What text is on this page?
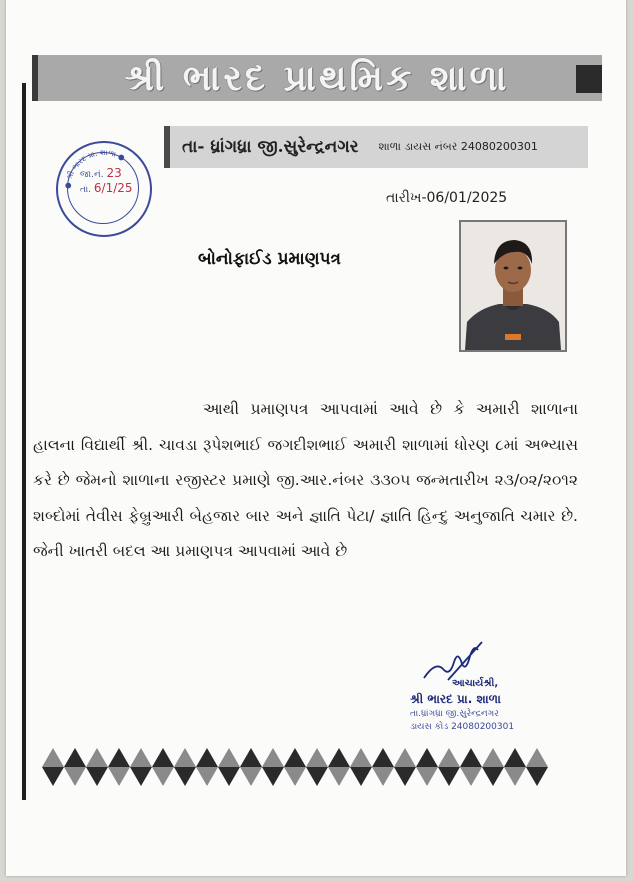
શ્રી ભારદ પ્રાથમિક શાળા
તા- ધ્રાંગધ્રા જી.સુરેન્દ્રનગર શાળા ડાયસ નંબર 24080200301
● શ્રી ભારદ પ્રા. શાળા ●
જા.નં. 23
તા. 6/1/25
તારીખ-06/01/2025
બોનોફાઈડ પ્રમાણપત્ર
આથી પ્રમાણપત્ર આપવામાં આવે છે કે અમારી શાળાના હાલના વિદ્યાર્થી શ્રી. ચાવડા રૂપેશભાઈ જગદીશભાઈ અમારી શાળામાં ધોરણ ૮માં અભ્યાસ કરે છે જેમનો શાળાના રજીસ્ટર પ્રમાણે જી.આર.નંબર ૩૩૦૫ જન્મતારીખ ૨૩/૦૨/૨૦૧૨ શબ્દોમાં તેવીસ ફેબ્રુઆરી બેહજાર બાર અને જ્ઞાતિ પેટા/ જ્ઞાતિ હિન્દુ અનુજાતિ ચમાર છે. જેની ખાતરી બદલ આ પ્રમાણપત્ર આપવામાં આવે છે
આચાર્યશ્રી,
શ્રી ભારદ પ્રા. શાળા
તા.ધ્રાંગધ્રા જી.સુરેન્દ્રનગર
ડાયસ કોડ 24080200301
